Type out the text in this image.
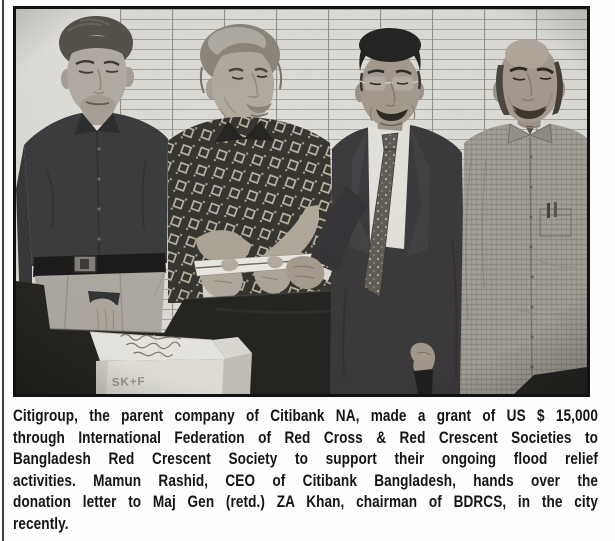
Citigroup, the parent company of Citibank NA, made a grant of US $ 15,000
through International Federation of Red Cross & Red Crescent Societies to
Bangladesh Red Crescent Society to support their ongoing flood relief
activities. Mamun Rashid, CEO of Citibank Bangladesh, hands over the
donation letter to Maj Gen (retd.) ZA Khan, chairman of BDRCS, in the city
recently.
